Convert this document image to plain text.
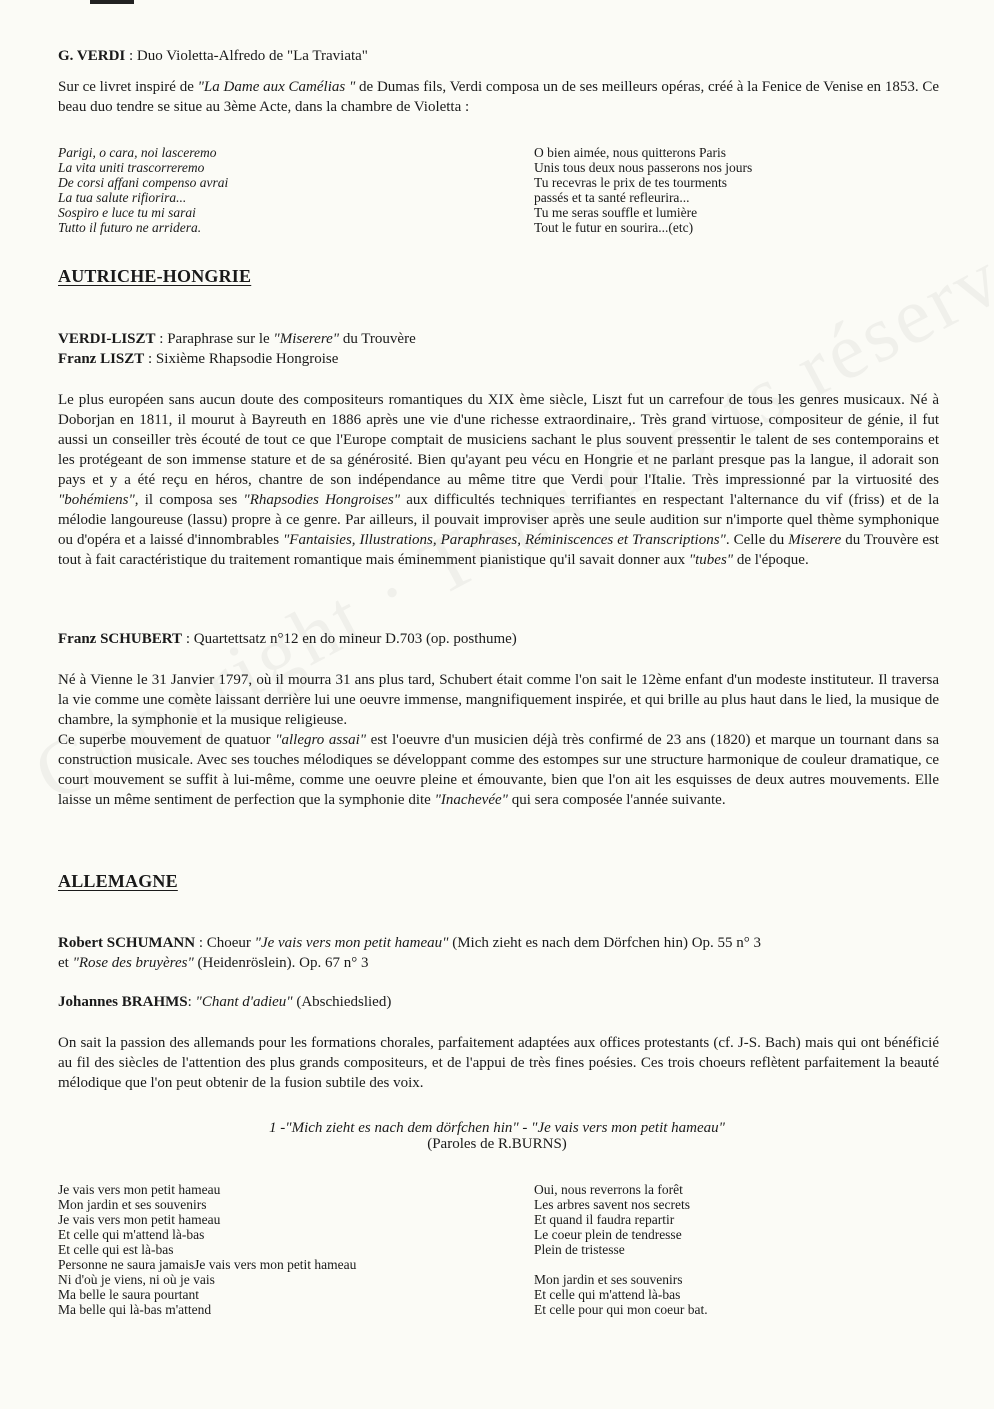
G. VERDI : Duo Violetta-Alfredo de "La Traviata"
Sur ce livret inspiré de "La Dame aux Camélias " de Dumas fils, Verdi composa un de ses meilleurs opéras, créé à la Fenice de Venise en 1853. Ce beau duo tendre se situe au 3ème Acte, dans la chambre de Violetta :
Parigi, o cara, noi lasceremo
La vita uniti trascorreremo
De corsi affani compenso avrai
La tua salute rifiorira...
Sospiro e luce tu mi sarai
Tutto il futuro ne arridera.
O bien aimée, nous quitterons Paris
Unis tous deux nous passerons nos jours
Tu recevras le prix de tes tourments
passés et ta santé refleurira...
Tu me seras souffle et lumière
Tout le futur en sourira...(etc)
AUTRICHE-HONGRIE
VERDI-LISZT : Paraphrase sur le "Miserere" du Trouvère
Franz LISZT : Sixième Rhapsodie Hongroise
Le plus européen sans aucun doute des compositeurs romantiques du XIX ème siècle, Liszt fut un carrefour de tous les genres musicaux. Né à Doborjan en 1811, il mourut à Bayreuth en 1886 après une vie d'une richesse extraordinaire,. Très grand virtuose, compositeur de génie, il fut aussi un conseiller très écouté de tout ce que l'Europe comptait de musiciens sachant le plus souvent pressentir le talent de ses contemporains et les protégeant de son immense stature et de sa générosité. Bien qu'ayant peu vécu en Hongrie et ne parlant presque pas la langue, il adorait son pays et y a été reçu en héros, chantre de son indépendance au même titre que Verdi pour l'Italie. Très impressionné par la virtuosité des "bohémiens", il composa ses "Rhapsodies Hongroises" aux difficultés techniques terrifiantes en respectant l'alternance du vif (friss) et de la mélodie langoureuse (lassu) propre à ce genre. Par ailleurs, il pouvait improviser après une seule audition sur n'importe quel thème symphonique ou d'opéra et a laissé d'innombrables "Fantaisies, Illustrations, Paraphrases, Réminiscences et Transcriptions". Celle du Miserere du Trouvère est tout à fait caractéristique du traitement romantique mais éminemment pianistique qu'il savait donner aux "tubes" de l'époque.
Franz SCHUBERT : Quartettsatz n°12 en do mineur D.703 (op. posthume)
Né à Vienne le 31 Janvier 1797, où il mourra 31 ans plus tard, Schubert était comme l'on sait le 12ème enfant d'un modeste instituteur. Il traversa la vie comme une comète laissant derrière lui une oeuvre immense, mangnifiquement inspirée, et qui brille au plus haut dans le lied, la musique de chambre, la symphonie et la musique religieuse.
Ce superbe mouvement de quatuor "allegro assai" est l'oeuvre d'un musicien déjà très confirmé de 23 ans (1820) et marque un tournant dans sa construction musicale. Avec ses touches mélodiques se développant comme des estompes sur une structure harmonique de couleur dramatique, ce court mouvement se suffit à lui-même, comme une oeuvre pleine et émouvante, bien que l'on ait les esquisses de deux autres mouvements. Elle laisse un même sentiment de perfection que la symphonie dite "Inachevée" qui sera composée l'année suivante.
ALLEMAGNE
Robert SCHUMANN : Choeur "Je vais vers mon petit hameau" (Mich zieht es nach dem Dörfchen hin) Op. 55 n° 3
et "Rose des bruyères" (Heidenröslein). Op. 67 n° 3
Johannes BRAHMS: "Chant d'adieu" (Abschiedslied)
On sait la passion des allemands pour les formations chorales, parfaitement adaptées aux offices protestants (cf. J-S. Bach) mais qui ont bénéficié au fil des siècles de l'attention des plus grands compositeurs, et de l'appui de très fines poésies. Ces trois choeurs reflètent parfaitement la beauté mélodique que l'on peut obtenir de la fusion subtile des voix.
1 -"Mich zieht es nach dem dörfchen hin" - "Je vais vers mon petit hameau"
(Paroles de R.BURNS)
Je vais vers mon petit hameau
Mon jardin et ses souvenirs
Je vais vers mon petit hameau
Et celle qui m'attend là-bas
Et celle qui est là-bas
Personne ne saura jamaisJe vais vers mon petit hameau
Ni d'où je viens, ni où je vais
Ma belle le saura pourtant
Ma belle qui là-bas m'attend
Oui, nous reverrons la forêt
Les arbres savent nos secrets
Et quand il faudra repartir
Le coeur plein de tendresse
Plein de tristesse
Mon jardin et ses souvenirs
Et celle qui m'attend là-bas
Et celle pour qui mon coeur bat.
